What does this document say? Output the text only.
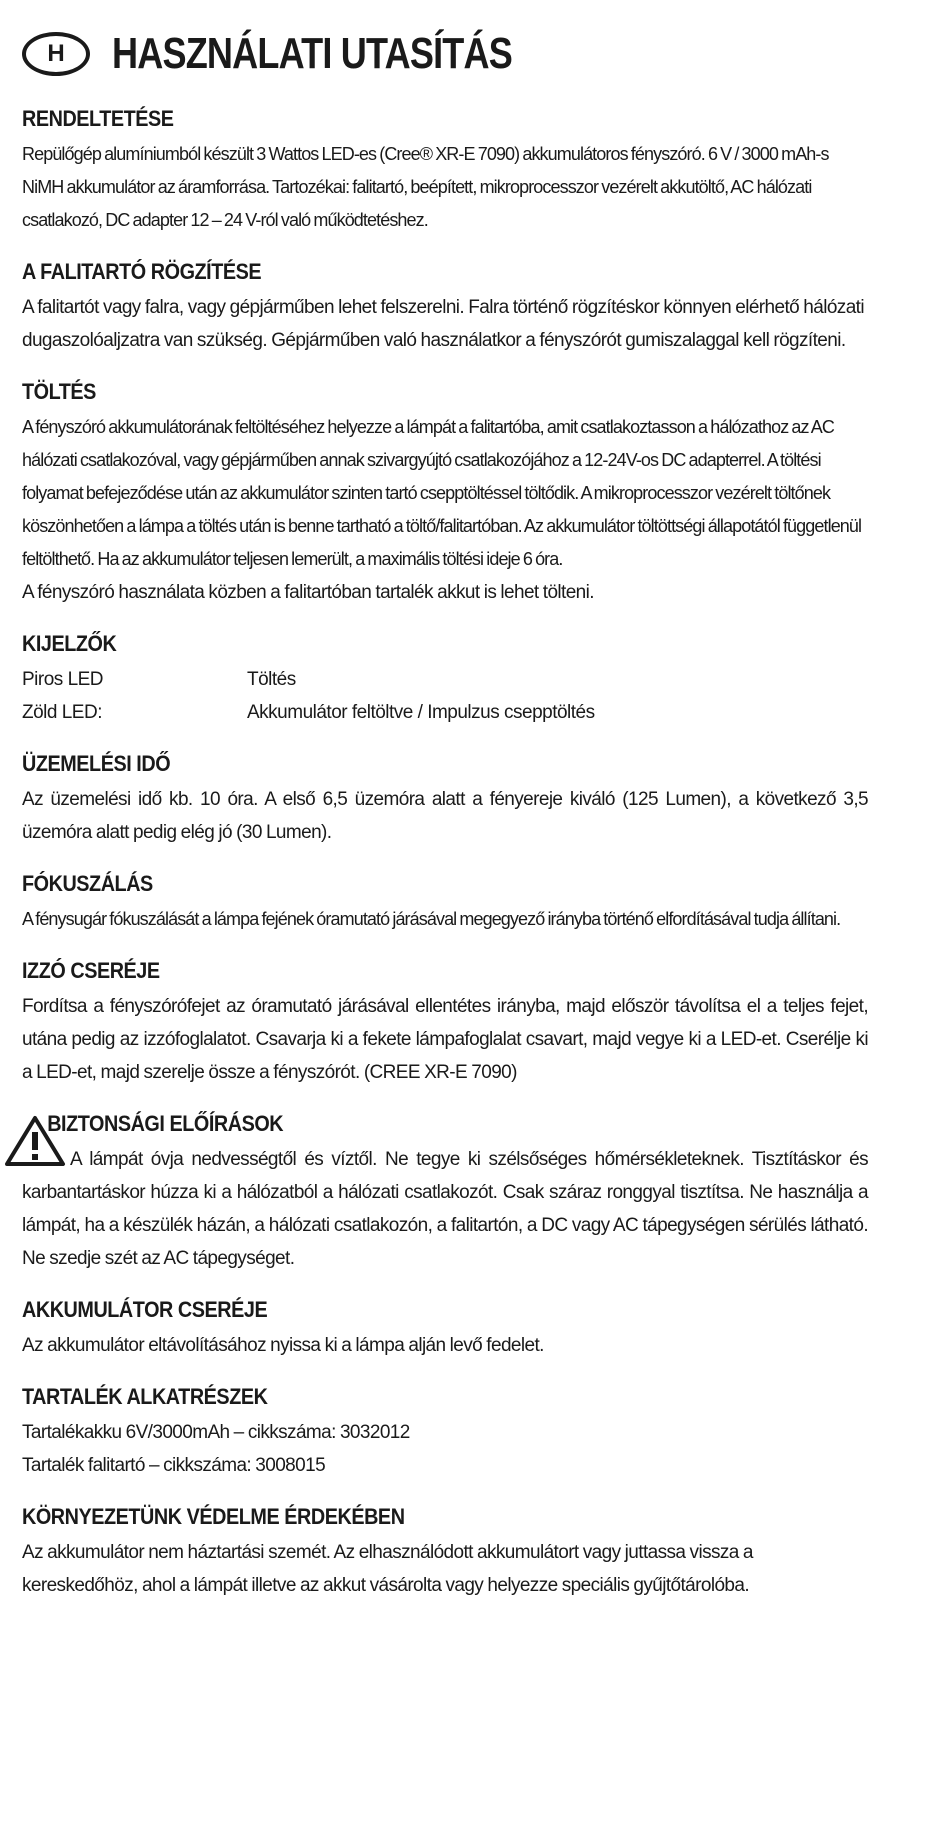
H	HASZNÁLATI UTASÍTÁS
RENDELTETÉSE

Repülőgép alumíniumból készült 3 Wattos LED-es (Cree® XR-E 7090) akkumulátoros fényszóró. 6 V / 3000 mAh-s NiMH akkumulátor az áramforrása. Tartozékai: falitartó, beépített, mikroprocesszor vezérelt akkutöltő, AC hálózati csatlakozó, DC adapter 12 – 24 V-ról való működtetéshez.

A FALITARTÓ RÖGZÍTÉSE

A falitartót vagy falra, vagy gépjárműben lehet felszerelni. Falra történő rögzítéskor könnyen elérhető hálózati dugaszolóaljzatra van szükség. Gépjárműben való használatkor a fényszórót gumiszalaggal kell rögzíteni.

TÖLTÉS

A fényszóró akkumulátorának feltöltéséhez helyezze a lámpát a falitartóba, amit csatlakoztasson a hálózathoz az AC hálózati csatlakozóval, vagy gépjárműben annak szivargyújtó csatlakozójához a 12-24V-os DC adapterrel. A töltési folyamat befejeződése után az akkumulátor szinten tartó csepptöltéssel töltődik. A mikroprocesszor vezérelt töltőnek köszönhetően a lámpa a töltés után is benne tartható a töltő/falitartóban. Az akkumulátor töltöttségi állapotától függetlenül feltölthető. Ha az akkumulátor teljesen lemerült, a maximális töltési ideje 6 óra.

A fényszóró használata közben a falitartóban tartalék akkut is lehet tölteni.

KIJELZŐK
Piros LED	Töltés
Zöld LED:	Akkumulátor feltöltve / Impulzus csepptöltés
ÜZEMELÉSI IDŐ

Az üzemelési idő kb. 10 óra. A első 6,5 üzemóra alatt a fényereje kiváló (125 Lumen), a következő 3,5 üzemóra alatt pedig elég jó (30 Lumen).

FÓKUSZÁLÁS

A fénysugár fókuszálását a lámpa fejének óramutató járásával megegyező irányba történő elfordításával tudja állítani.

IZZÓ CSERÉJE

Fordítsa a fényszórófejet az óramutató járásával ellentétes irányba, majd először távolítsa el a teljes fejet, utána pedig az izzófoglalatot. Csavarja ki a fekete lámpafoglalat csavart, majd vegye ki a LED-et. Cserélje ki a LED-et, majd szerelje össze a fényszórót. (CREE XR-E 7090)

BIZTONSÁGI ELŐÍRÁSOK

A lámpát óvja nedvességtől és víztől. Ne tegye ki szélsőséges hőmérsékleteknek. Tisztításkor és karbantartáskor húzza ki a hálózatból a hálózati csatlakozót. Csak száraz ronggyal tisztítsa. Ne használja a lámpát, ha a készülék házán, a hálózati csatlakozón, a falitartón, a DC vagy AC tápegységen sérülés látható. Ne szedje szét az AC tápegységet.

AKKUMULÁTOR CSERÉJE

Az akkumulátor eltávolításához nyissa ki a lámpa alján levő fedelet.

TARTALÉK ALKATRÉSZEK

Tartalékakku 6V/3000mAh – cikkszáma: 3032012

Tartalék falitartó – cikkszáma: 3008015

KÖRNYEZETÜNK VÉDELME ÉRDEKÉBEN

Az akkumulátor nem háztartási szemét. Az elhasználódott akkumulátort vagy juttassa vissza a kereskedőhöz, ahol a lámpát illetve az akkut vásárolta vagy helyezze speciális gyűjtőtárolóba.
